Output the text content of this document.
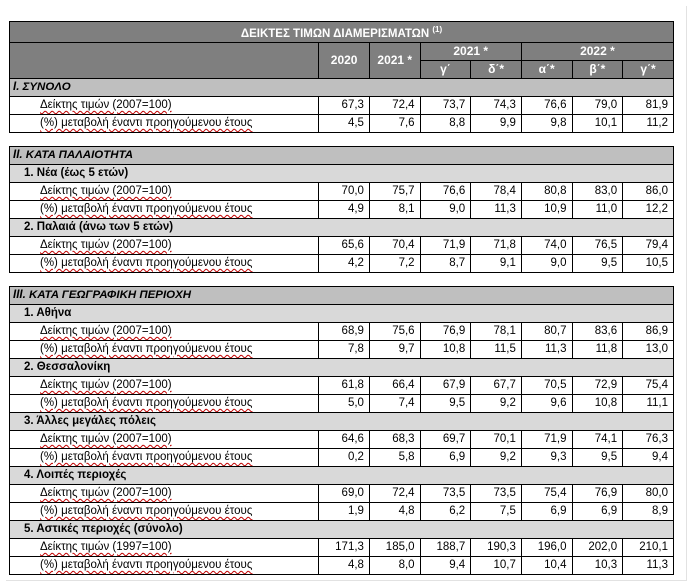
ΔΕΙΚΤΕΣ ΤΙΜΩΝ ΔΙΑΜΕΡΙΣΜΑΤΩΝ $^{(1)}$
	2020	2021 *	2021 *		2022 *		
			γ΄	δ΄*	α΄*	β΄*	γ΄*
I. ΣΥΝΟΛΟ							
Δείκτης τιμών (2007=100)	67,3	72,4	73,7	74,3	76,6	79,0	81,9
(%) μεταβολή έναντι προηγούμενου έτους	4,5	7,6	8,8	9,9	9,8	10,1	11,2

II. ΚΑΤΑ ΠΑΛΑΙΟΤΗΤΑ							
1. Νέα (έως 5 ετών)							
Δείκτης τιμών (2007=100)	70,0	75,7	76,6	78,4	80,8	83,0	86,0
(%) μεταβολή έναντι προηγούμενου έτους	4,9	8,1	9,0	11,3	10,9	11,0	12,2
2. Παλαιά (άνω των 5 ετών)							
Δείκτης τιμών (2007=100)	65,6	70,4	71,9	71,8	74,0	76,5	79,4
(%) μεταβολή έναντι προηγούμενου έτους	4,2	7,2	8,7	9,1	9,0	9,5	10,5

III. ΚΑΤΑ ΓΕΩΓΡΑΦΙΚΗ ΠΕΡΙΟΧΗ							
1. Αθήνα							
Δείκτης τιμών (2007=100)	68,9	75,6	76,9	78,1	80,7	83,6	86,9
(%) μεταβολή έναντι προηγούμενου έτους	7,8	9,7	10,8	11,5	11,3	11,8	13,0
2. Θεσσαλονίκη							
Δείκτης τιμών (2007=100)	61,8	66,4	67,9	67,7	70,5	72,9	75,4
(%) μεταβολή έναντι προηγούμενου έτους	5,0	7,4	9,5	9,2	9,6	10,8	11,1
3. Άλλες μεγάλες πόλεις							
Δείκτης τιμών (2007=100)	64,6	68,3	69,7	70,1	71,9	74,1	76,3
(%) μεταβολή έναντι προηγούμενου έτους	0,2	5,8	6,9	9,2	9,3	9,5	9,4
4. Λοιπές περιοχές							
Δείκτης τιμών (2007=100)	69,0	72,4	73,5	73,5	75,4	76,9	80,0
(%) μεταβολή έναντι προηγούμενου έτους	1,9	4,8	6,2	7,5	6,9	6,9	8,9
5. Αστικές περιοχές (σύνολο)							
Δείκτης τιμών (1997=100)	171,3	185,0	188,7	190,3	196,0	202,0	210,1
(%) μεταβολή έναντι προηγούμενου έτους	4,8	8,0	9,4	10,7	10,4	10,3	11,3
